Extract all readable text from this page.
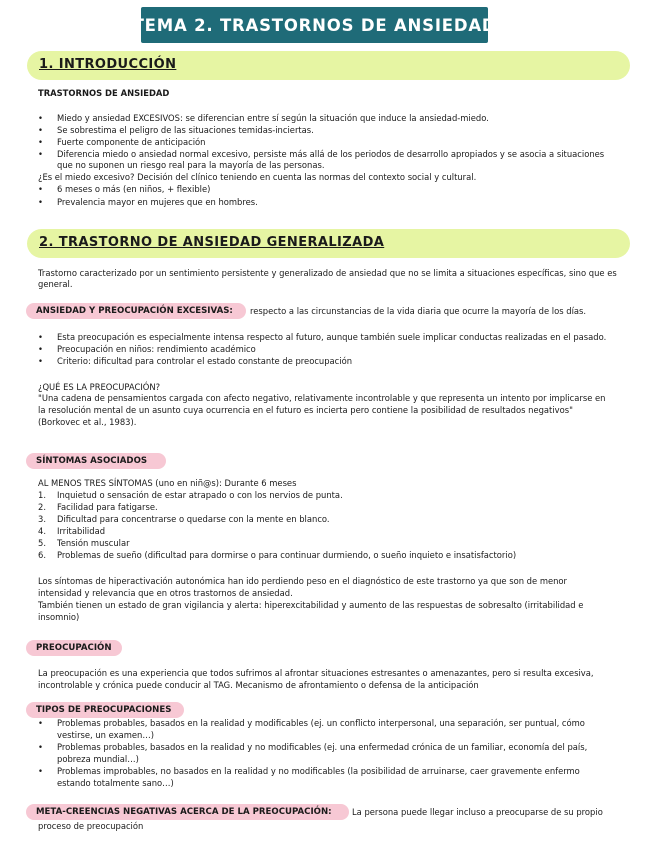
TEMA 2. TRASTORNOS DE ANSIEDAD
1. INTRODUCCIÓN
TRASTORNOS DE ANSIEDAD
• Miedo y ansiedad EXCESIVOS: se diferencian entre sí según la situación que induce la ansiedad-miedo.
• Se sobrestima el peligro de las situaciones temidas-inciertas.
• Fuerte componente de anticipación
• Diferencia miedo o ansiedad normal excesivo, persiste más allá de los periodos de desarrollo apropiados y se asocia a situaciones
que no suponen un riesgo real para la mayoría de las personas.
¿Es el miedo excesivo? Decisión del clínico teniendo en cuenta las normas del contexto social y cultural.
• 6 meses o más (en niños, + flexible)
• Prevalencia mayor en mujeres que en hombres.
2. TRASTORNO DE ANSIEDAD GENERALIZADA
Trastorno caracterizado por un sentimiento persistente y generalizado de ansiedad que no se limita a situaciones específicas, sino que es
general.
ANSIEDAD Y PREOCUPACIÓN EXCESIVAS: respecto a las circunstancias de la vida diaria que ocurre la mayoría de los días.
• Esta preocupación es especialmente intensa respecto al futuro, aunque también suele implicar conductas realizadas en el pasado.
• Preocupación en niños: rendimiento académico
• Criterio: dificultad para controlar el estado constante de preocupación
¿QUÉ ES LA PREOCUPACIÓN?
"Una cadena de pensamientos cargada con afecto negativo, relativamente incontrolable y que representa un intento por implicarse en
la resolución mental de un asunto cuya ocurrencia en el futuro es incierta pero contiene la posibilidad de resultados negativos"
(Borkovec et al., 1983).
SÍNTOMAS ASOCIADOS
AL MENOS TRES SÍNTOMAS (uno en niñ@s): Durante 6 meses
1. Inquietud o sensación de estar atrapado o con los nervios de punta.
2. Facilidad para fatigarse.
3. Dificultad para concentrarse o quedarse con la mente en blanco.
4. Irritabilidad
5. Tensión muscular
6. Problemas de sueño (dificultad para dormirse o para continuar durmiendo, o sueño inquieto e insatisfactorio)
Los síntomas de hiperactivación autonómica han ido perdiendo peso en el diagnóstico de este trastorno ya que son de menor
intensidad y relevancia que en otros trastornos de ansiedad.
También tienen un estado de gran vigilancia y alerta: hiperexcitabilidad y aumento de las respuestas de sobresalto (irritabilidad e
insomnio)
PREOCUPACIÓN
La preocupación es una experiencia que todos sufrimos al afrontar situaciones estresantes o amenazantes, pero si resulta excesiva,
incontrolable y crónica puede conducir al TAG. Mecanismo de afrontamiento o defensa de la anticipación
TIPOS DE PREOCUPACIONES
• Problemas probables, basados en la realidad y modificables (ej. un conflicto interpersonal, una separación, ser puntual, cómo
vestirse, un examen…)
• Problemas probables, basados en la realidad y no modificables (ej. una enfermedad crónica de un familiar, economía del país,
pobreza mundial…)
• Problemas improbables, no basados en la realidad y no modificables (la posibilidad de arruinarse, caer gravemente enfermo
estando totalmente sano…)
META-CREENCIAS NEGATIVAS ACERCA DE LA PREOCUPACIÓN: La persona puede llegar incluso a preocuparse de su propio
proceso de preocupación
